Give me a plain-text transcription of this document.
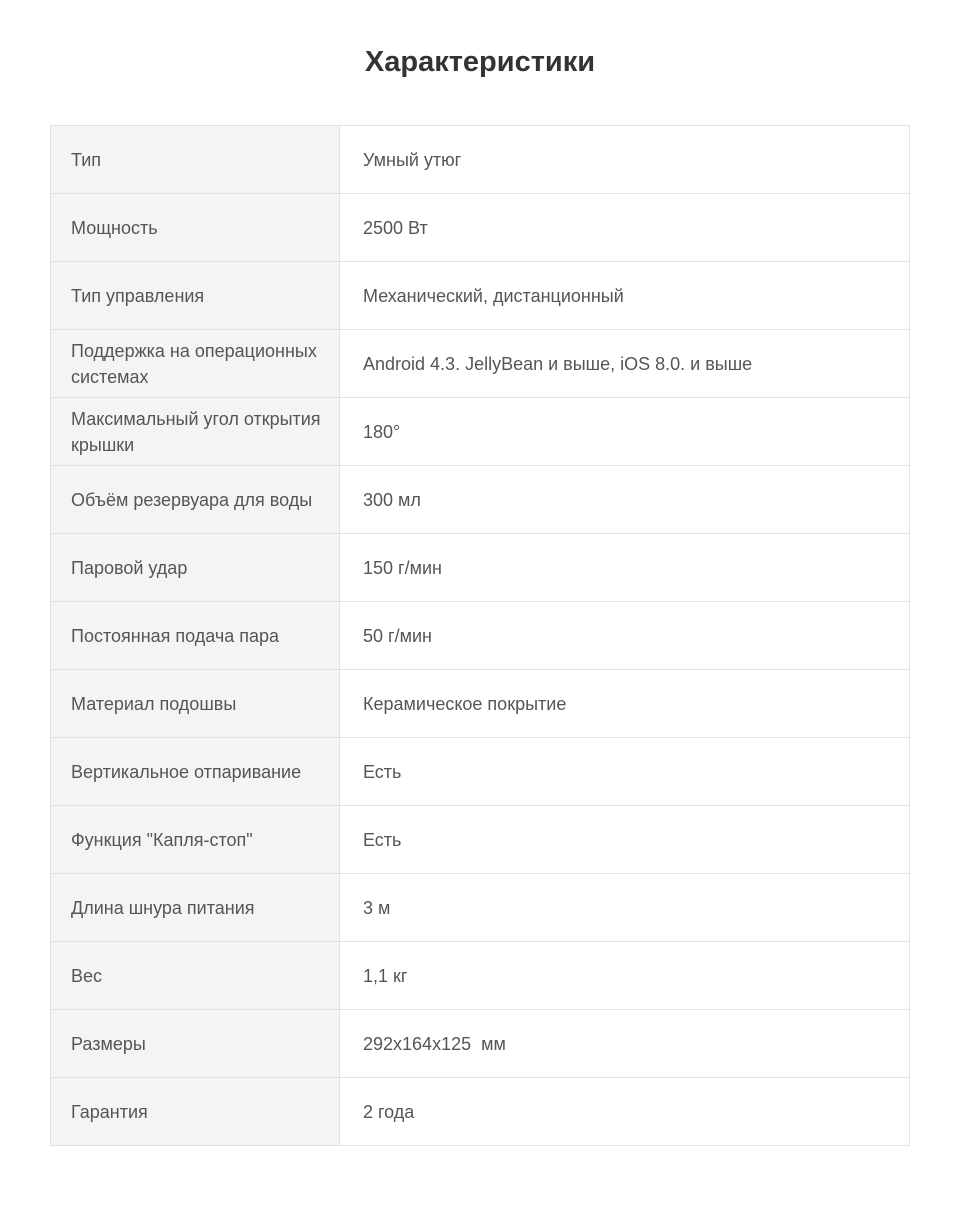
Характеристики
Тип	Умный утюг
Мощность	2500 Вт
Тип управления	Механический, дистанционный
Поддержка на операционных системах	Android 4.3. JellyBean и выше, iOS 8.0. и выше
Максимальный угол открытия крышки	180°
Объём резервуара для воды	300 мл
Паровой удар	150 г/мин
Постоянная подача пара	50 г/мин
Материал подошвы	Керамическое покрытие
Вертикальное отпаривание	Есть
Функция "Капля-стоп"	Есть
Длина шнура питания	3 м
Вес	1,1 кг
Размеры	292x164x125  мм
Гарантия	2 года
